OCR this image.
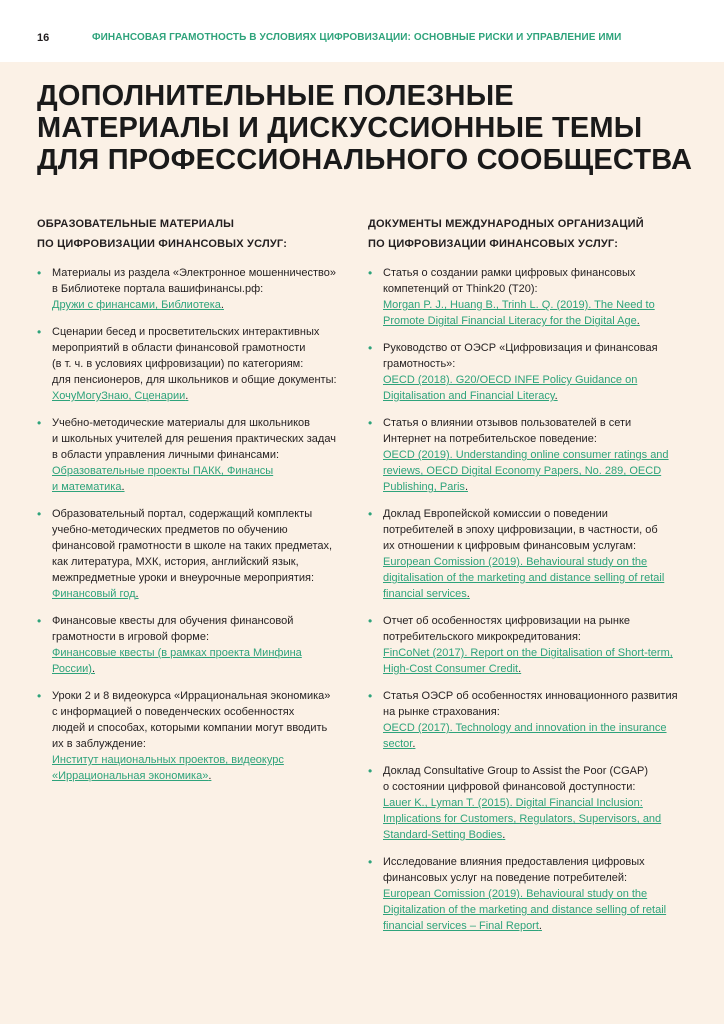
16	ФИНАНСОВАЯ ГРАМОТНОСТЬ В УСЛОВИЯХ ЦИФРОВИЗАЦИИ: ОСНОВНЫЕ РИСКИ И УПРАВЛЕНИЕ ИМИ
ДОПОЛНИТЕЛЬНЫЕ ПОЛЕЗНЫЕ
МАТЕРИАЛЫ И ДИСКУССИОННЫЕ ТЕМЫ
ДЛЯ ПРОФЕССИОНАЛЬНОГО СООБЩЕСТВА
ОБРАЗОВАТЕЛЬНЫЕ МАТЕРИАЛЫ
ПО ЦИФРОВИЗАЦИИ ФИНАНСОВЫХ УСЛУГ:
• Материалы из раздела «Электронное мошенничество»
в Библиотеке портала вашифинансы.рф:
Дружи с финансами, Библиотека.
• Сценарии бесед и просветительских интерактивных
мероприятий в области финансовой грамотности
(в т. ч. в условиях цифровизации) по категориям:
для пенсионеров, для школьников и общие документы:
ХочуМогуЗнаю, Сценарии.
• Учебно-методические материалы для школьников
и школьных учителей для решения практических задач
в области управления личными финансами:
Образовательные проекты ПАКК, Финансы
и математика.
• Образовательный портал, содержащий комплекты
учебно-методических предметов по обучению
финансовой грамотности в школе на таких предметах,
как литература, МХК, история, английский язык,
межпредметные уроки и внеурочные мероприятия:
Финансовый год.
• Финансовые квесты для обучения финансовой
грамотности в игровой форме:
Финансовые квесты (в рамках проекта Минфина
России).
• Уроки 2 и 8 видеокурса «Иррациональная экономика»
с информацией о поведенческих особенностях
людей и способах, которыми компании могут вводить
их в заблуждение:
Институт национальных проектов, видеокурс
«Иррациональная экономика».
ДОКУМЕНТЫ МЕЖДУНАРОДНЫХ ОРГАНИЗАЦИЙ
ПО ЦИФРОВИЗАЦИИ ФИНАНСОВЫХ УСЛУГ:
• Статья о создании рамки цифровых финансовых
компетенций от Think20 (T20):
Morgan P. J., Huang B., Trinh L. Q. (2019). The Need to
Promote Digital Financial Literacy for the Digital Age.
• Руководство от ОЭСР «Цифровизация и финансовая
грамотность»:
OECD (2018). G20/OECD INFE Policy Guidance on
Digitalisation and Financial Literacy.
• Статья о влиянии отзывов пользователей в сети
Интернет на потребительское поведение:
OECD (2019). Understanding online consumer ratings and
reviews, OECD Digital Economy Papers, No. 289, OECD
Publishing, Paris.
• Доклад Европейской комиссии о поведении
потребителей в эпоху цифровизации, в частности, об
их отношении к цифровым финансовым услугам:
European Comission (2019). Behavioural study on the
digitalisation of the marketing and distance selling of retail
financial services.
• Отчет об особенностях цифровизации на рынке
потребительского микрокредитования:
FinCoNet (2017). Report on the Digitalisation of Short-term,
High-Cost Consumer Credit.
• Статья ОЭСР об особенностях инновационного развития
на рынке страхования:
OECD (2017). Technology and innovation in the insurance
sector.
• Доклад Consultative Group to Assist the Poor (CGAP)
о состоянии цифровой финансовой доступности:
Lauer K., Lyman T. (2015). Digital Financial Inclusion:
Implications for Customers, Regulators, Supervisors, and
Standard-Setting Bodies.
• Исследование влияния предоставления цифровых
финансовых услуг на поведение потребителей:
European Comission (2019). Behavioural study on the
Digitalization of the marketing and distance selling of retail
financial services – Final Report.
